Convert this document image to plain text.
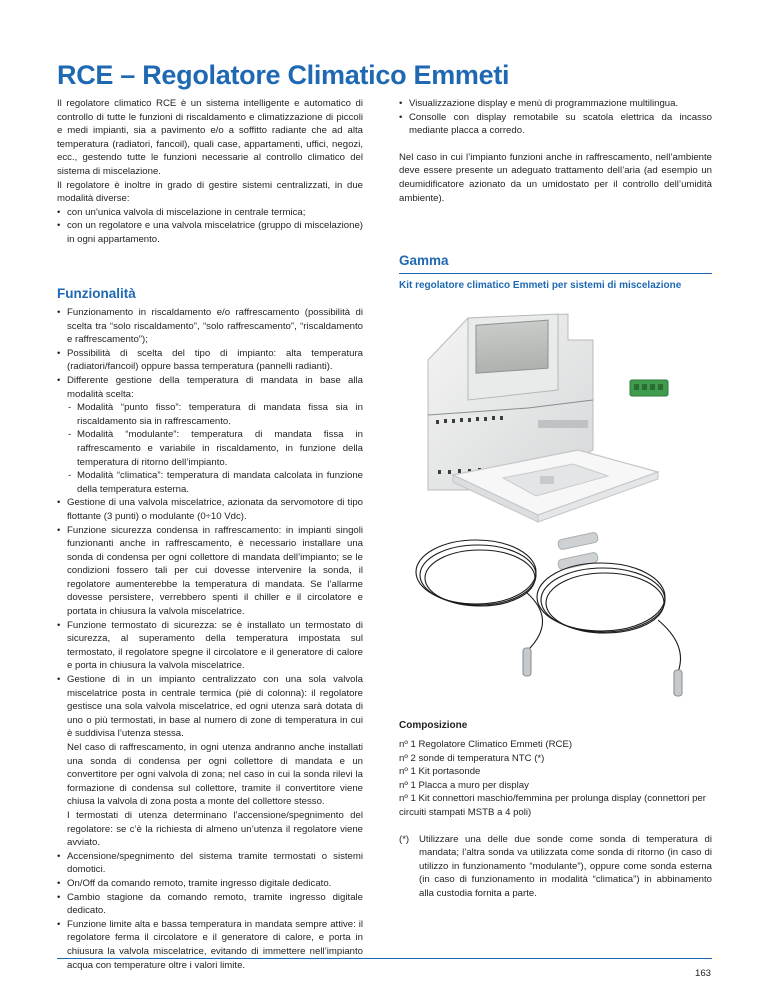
RCE – Regolatore Climatico Emmeti

Il regolatore climatico RCE è un sistema intelligente e automatico di controllo di tutte le funzioni di riscaldamento e climatizzazione di piccoli e medi impianti, sia a pavimento e/o a soffitto radiante che ad alta temperatura (radiatori, fancoil), quali case, appartamenti, uffici, negozi, ecc., gestendo tutte le funzioni necessarie al controllo climatico del sistema di miscelazione.

Il regolatore è inoltre in grado di gestire sistemi centralizzati, in due modalità diverse:

• con un’unica valvola di miscelazione in centrale termica;
• con un regolatore e una valvola miscelatrice (gruppo di miscelazione) in ogni appartamento.
• Visualizzazione display e menù di programmazione multilingua.
• Consolle con display remotabile su scatola elettrica da incasso mediante placca a corredo.

Nel caso in cui l’impianto funzioni anche in raffrescamento, nell’ambiente deve essere presente un adeguato trattamento dell’aria (ad esempio un deumidificatore azionato da un umidostato per il controllo dell’umidità ambiente).

Funzionalità
• Funzionamento in riscaldamento e/o raffrescamento (possibilità di scelta tra “solo riscaldamento”, “solo raffrescamento”, “riscaldamento e raffrescamento”);
• Possibilità di scelta del tipo di impianto: alta temperatura (radiatori/fancoil) oppure bassa temperatura (pannelli radianti).
• Differente gestione della temperatura di mandata in base alla modalità scelta:
- Modalità “punto fisso”: temperatura di mandata fissa sia in riscaldamento sia in raffrescamento.
- Modalità “modulante”: temperatura di mandata fissa in raffrescamento e variabile in riscaldamento, in funzione della temperatura di ritorno dell’impianto.
- Modalità “climatica”: temperatura di mandata calcolata in funzione della temperatura esterna.
• Gestione di una valvola miscelatrice, azionata da servomotore di tipo flottante (3 punti) o modulante (0÷10 Vdc).
• Funzione sicurezza condensa in raffrescamento: in impianti singoli funzionanti anche in raffrescamento, è necessario installare una sonda di condensa per ogni collettore di mandata dell’impianto; se le condizioni fossero tali per cui dovesse intervenire la sonda, il regolatore aumenterebbe la temperatura di mandata. Se l’allarme dovesse persistere, verrebbero spenti il chiller e il circolatore e portata in chiusura la valvola miscelatrice.
• Funzione termostato di sicurezza: se è installato un termostato di sicurezza, al superamento della temperatura impostata sul termostato, il regolatore spegne il circolatore e il generatore di calore e porta in chiusura la valvola miscelatrice.
• Gestione di in un impianto centralizzato con una sola valvola miscelatrice posta in centrale termica (piè di colonna): il regolatore gestisce una sola valvola miscelatrice, ed ogni utenza sarà dotata di uno o più termostati, in base al numero di zone di temperatura in cui è suddivisa l’utenza stessa.

Nel caso di raffrescamento, in ogni utenza andranno anche installati una sonda di condensa per ogni collettore di mandata e un convertitore per ogni valvola di zona; nel caso in cui la sonda rilevi la formazione di condensa sul collettore, tramite il convertitore viene chiusa la valvola di zona posta a monte del collettore stesso.

I termostati di utenza determinano l’accensione/spegnimento del regolatore: se c’è la richiesta di almeno un’utenza il regolatore viene avviato.

• Accensione/spegnimento del sistema tramite termostati o sistemi domotici.
• On/Off da comando remoto, tramite ingresso digitale dedicato.
• Cambio stagione da comando remoto, tramite ingresso digitale dedicato.
• Funzione limite alta e bassa temperatura in mandata sempre attive: il regolatore ferma il circolatore e il generatore di calore, e porta in chiusura la valvola miscelatrice, evitando di immettere nell’impianto acqua con temperature oltre i valori limite.
Gamma
Kit regolatore climatico Emmeti per sistemi di miscelazione
Composizione

nº 1 Regolatore Climatico Emmeti (RCE)

nº 2 sonde di temperatura NTC (*)

nº 1 Kit portasonde

nº 1 Placca a muro per display

nº 1 Kit connettori maschio/femmina per prolunga display (connettori per circuiti stampati MSTB a 4 poli)

(*) Utilizzare una delle due sonde come sonda di temperatura di mandata; l’altra sonda va utilizzata come sonda di ritorno (in caso di utilizzo in funzionamento “modulante”), oppure come sonda esterna (in caso di funzionamento in modalità “climatica”) in abbinamento alla custodia fornita a parte.
163
